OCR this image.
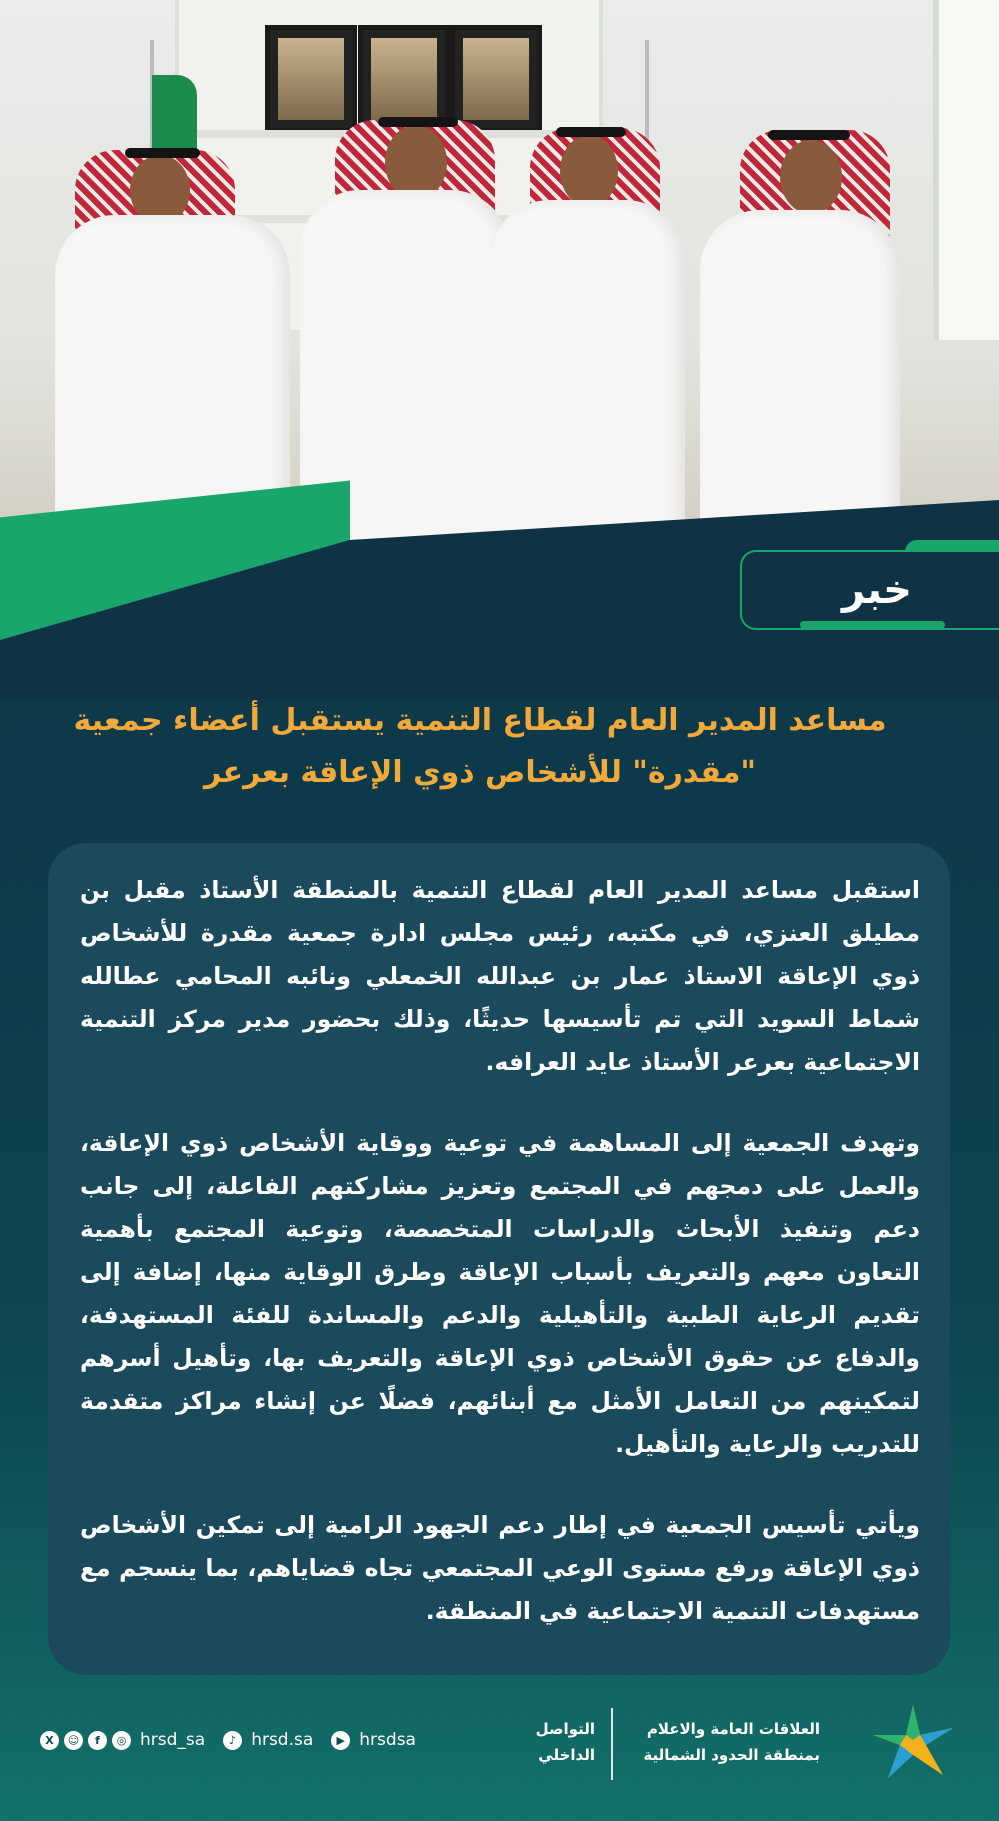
خبر
مساعد المدير العام لقطاع التنمية يستقبل أعضاء جمعية
"مقدرة" للأشخاص ذوي الإعاقة بعرعر

استقبل مساعد المدير العام لقطاع التنمية بالمنطقة الأستاذ مقبل بن مطيلق العنزي، في مكتبه، رئيس مجلس ادارة جمعية مقدرة للأشخاص ذوي الإعاقة الاستاذ عمار بن عبدالله الخمعلي ونائبه المحامي عطالله شماط السويد التي تم تأسيسها حديثًا، وذلك بحضور مدير مركز التنمية الاجتماعية بعرعر الأستاذ عايد العرافه.

وتهدف الجمعية إلى المساهمة في توعية ووقاية الأشخاص ذوي الإعاقة، والعمل على دمجهم في المجتمع وتعزيز مشاركتهم الفاعلة، إلى جانب دعم وتنفيذ الأبحاث والدراسات المتخصصة، وتوعية المجتمع بأهمية التعاون معهم والتعريف بأسباب الإعاقة وطرق الوقاية منها، إضافة إلى تقديم الرعاية الطبية والتأهيلية والدعم والمساندة للفئة المستهدفة، والدفاع عن حقوق الأشخاص ذوي الإعاقة والتعريف بها، وتأهيل أسرهم لتمكينهم من التعامل الأمثل مع أبنائهم، فضلًا عن إنشاء مراكز متقدمة للتدريب والرعاية والتأهيل.

ويأتي تأسيس الجمعية في إطار دعم الجهود الرامية إلى تمكين الأشخاص ذوي الإعاقة ورفع مستوى الوعي المجتمعي تجاه قضاياهم، بما ينسجم مع مستهدفات التنمية الاجتماعية في المنطقة.

العلاقات العامة والاعلام
بمنطقة الحدود الشمالية
التواصل
الداخلي
X	☺	f	◎ hrsd_sa	♪ hrsd.sa	▶ hrsdsa
